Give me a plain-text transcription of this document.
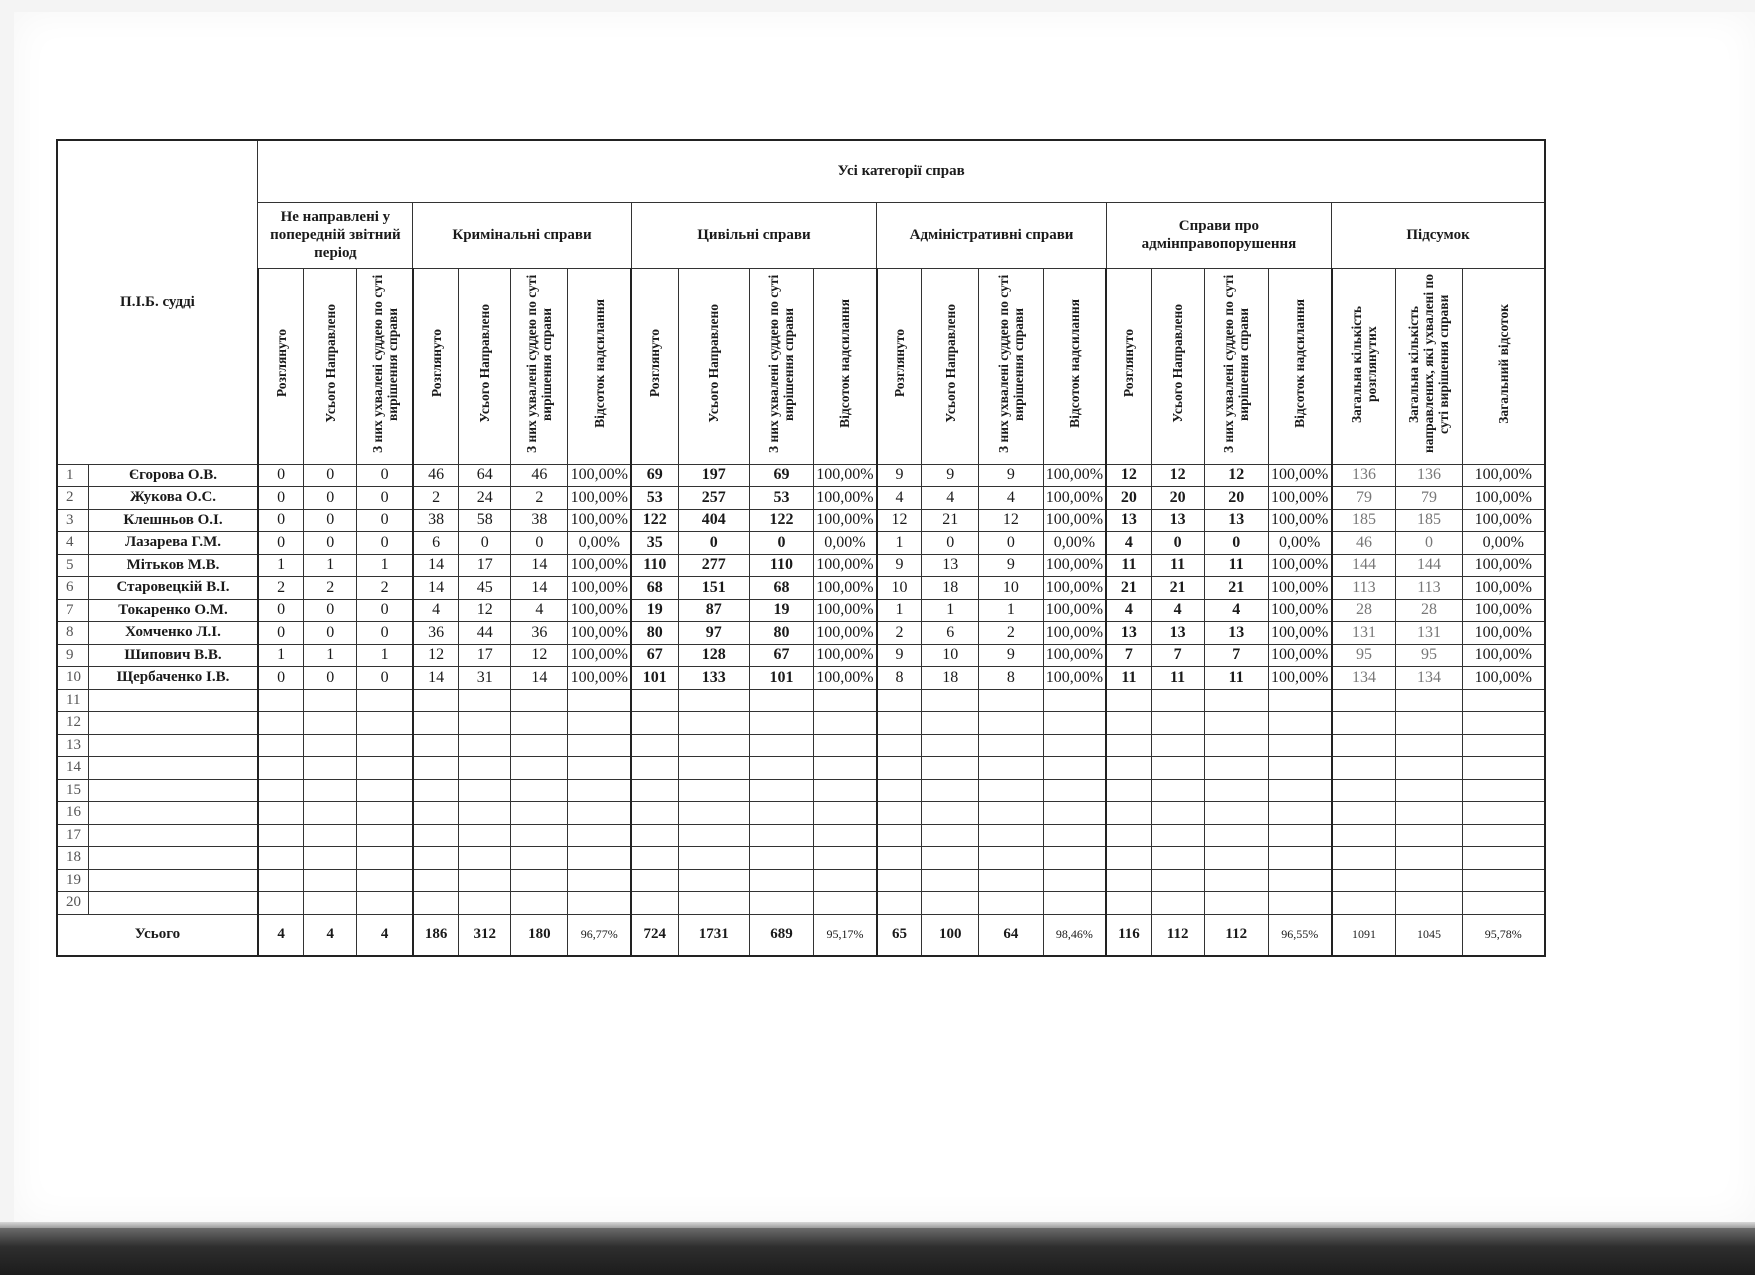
П.І.Б. судді		Усі категорії справ																					
		Не направлені у попередній звітний період			Кримінальні справи				Цивільні справи				Адміністративні справи				Справи про адмінправопорушення				Підсумок		
		Розглянуто	Усього Направлено	З них ухвалені суддею по суті вирішення справи	Розглянуто	Усього Направлено	З них ухвалені суддею по суті вирішення справи	Відсоток надсилання	Розглянуто	Усього Направлено	З них ухвалені суддею по суті вирішення справи	Відсоток надсилання	Розглянуто	Усього Направлено	З них ухвалені суддею по суті вирішення справи	Відсоток надсилання	Розглянуто	Усього Направлено	З них ухвалені суддею по суті вирішення справи	Відсоток надсилання	Загальна кількість розглянутих	Загальна кількість направлених, які ухвалені по суті вирішення справи	Загальний відсоток
1	Єгорова О.В.	0	0	0	46	64	46	100,00%	69	197	69	100,00%	9	9	9	100,00%	12	12	12	100,00%	136	136	100,00%
2	Жукова О.С.	0	0	0	2	24	2	100,00%	53	257	53	100,00%	4	4	4	100,00%	20	20	20	100,00%	79	79	100,00%
3	Клешньов О.І.	0	0	0	38	58	38	100,00%	122	404	122	100,00%	12	21	12	100,00%	13	13	13	100,00%	185	185	100,00%
4	Лазарева Г.М.	0	0	0	6	0	0	0,00%	35	0	0	0,00%	1	0	0	0,00%	4	0	0	0,00%	46	0	0,00%
5	Мітьков М.В.	1	1	1	14	17	14	100,00%	110	277	110	100,00%	9	13	9	100,00%	11	11	11	100,00%	144	144	100,00%
6	Старовецкій В.І.	2	2	2	14	45	14	100,00%	68	151	68	100,00%	10	18	10	100,00%	21	21	21	100,00%	113	113	100,00%
7	Токаренко О.М.	0	0	0	4	12	4	100,00%	19	87	19	100,00%	1	1	1	100,00%	4	4	4	100,00%	28	28	100,00%
8	Хомченко Л.І.	0	0	0	36	44	36	100,00%	80	97	80	100,00%	2	6	2	100,00%	13	13	13	100,00%	131	131	100,00%
9	Шипович В.В.	1	1	1	12	17	12	100,00%	67	128	67	100,00%	9	10	9	100,00%	7	7	7	100,00%	95	95	100,00%
10	Щербаченко І.В.	0	0	0	14	31	14	100,00%	101	133	101	100,00%	8	18	8	100,00%	11	11	11	100,00%	134	134	100,00%
11																							
12																							
13																							
14																							
15																							
16																							
17																							
18																							
19																							
20																							
Усього		4	4	4	186	312	180	96,77%	724	1731	689	95,17%	65	100	64	98,46%	116	112	112	96,55%	1091	1045	95,78%
